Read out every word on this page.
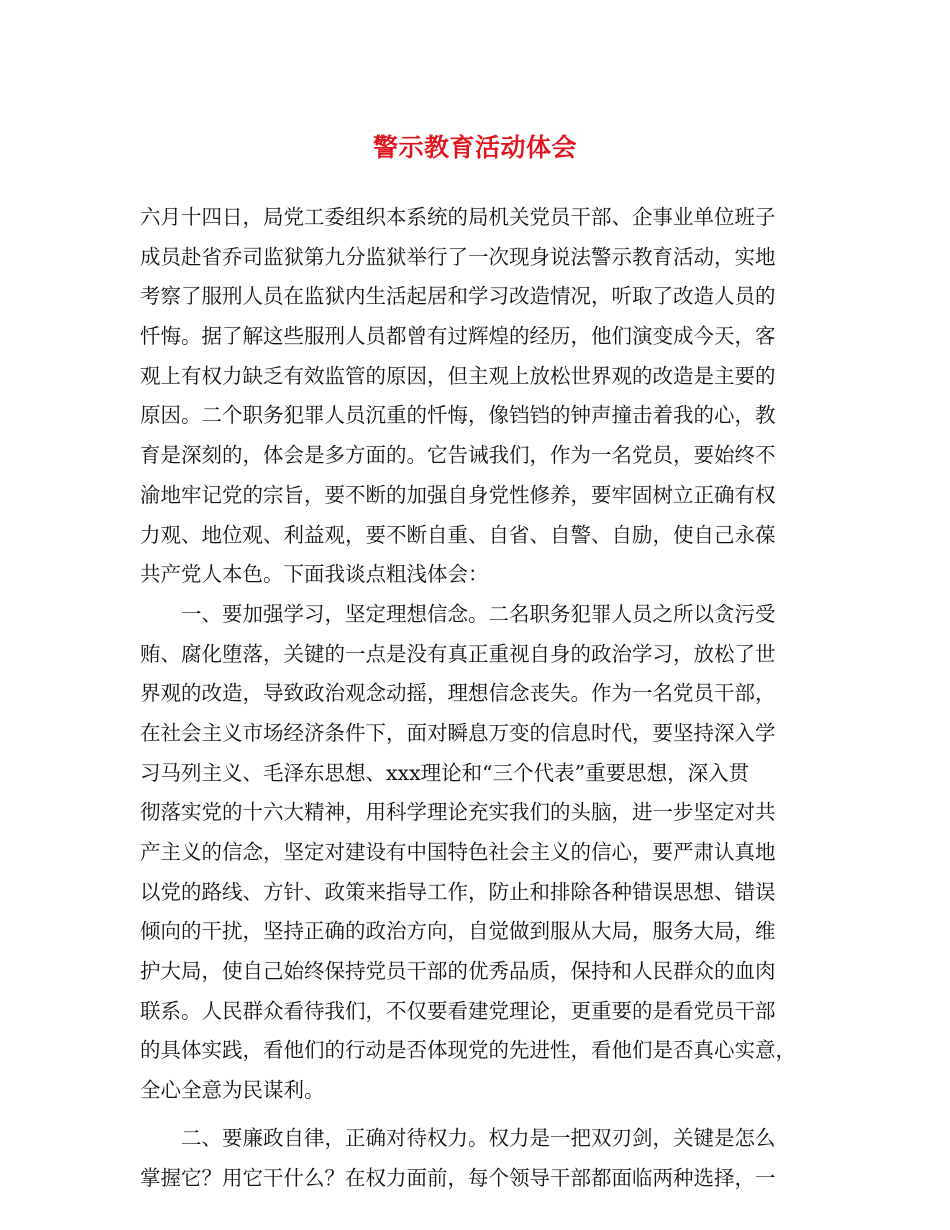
警示教育活动体会
六月十四日，局党工委组织本系统的局机关党员干部、企事业单位班子
成员赴省乔司监狱第九分监狱举行了一次现身说法警示教育活动，实地
考察了服刑人员在监狱内生活起居和学习改造情况，听取了改造人员的
忏悔。据了解这些服刑人员都曾有过辉煌的经历，他们演变成今天，客
观上有权力缺乏有效监管的原因，但主观上放松世界观的改造是主要的
原因。二个职务犯罪人员沉重的忏悔，像铛铛的钟声撞击着我的心，教
育是深刻的，体会是多方面的。它告诫我们，作为一名党员，要始终不
渝地牢记党的宗旨，要不断的加强自身党性修养，要牢固树立正确有权
力观、地位观、利益观，要不断自重、自省、自警、自励，使自己永葆
共产党人本色。下面我谈点粗浅体会：
一、要加强学习，坚定理想信念。二名职务犯罪人员之所以贪污受
贿、腐化堕落，关键的一点是没有真正重视自身的政治学习，放松了世
界观的改造，导致政治观念动摇，理想信念丧失。作为一名党员干部，
在社会主义市场经济条件下，面对瞬息万变的信息时代，要坚持深入学
习马列主义、毛泽东思想、xxx理论和“三个代表”重要思想，深入贯
彻落实党的十六大精神，用科学理论充实我们的头脑，进一步坚定对共
产主义的信念，坚定对建设有中国特色社会主义的信心，要严肃认真地
以党的路线、方针、政策来指导工作，防止和排除各种错误思想、错误
倾向的干扰，坚持正确的政治方向，自觉做到服从大局，服务大局，维
护大局，使自己始终保持党员干部的优秀品质，保持和人民群众的血肉
联系。人民群众看待我们，不仅要看建党理论，更重要的是看党员干部
的具体实践，看他们的行动是否体现党的先进性，看他们是否真心实意，
全心全意为民谋利。
二、要廉政自律，正确对待权力。权力是一把双刃剑，关键是怎么
掌握它？用它干什么？在权力面前，每个领导干部都面临两种选择，一
